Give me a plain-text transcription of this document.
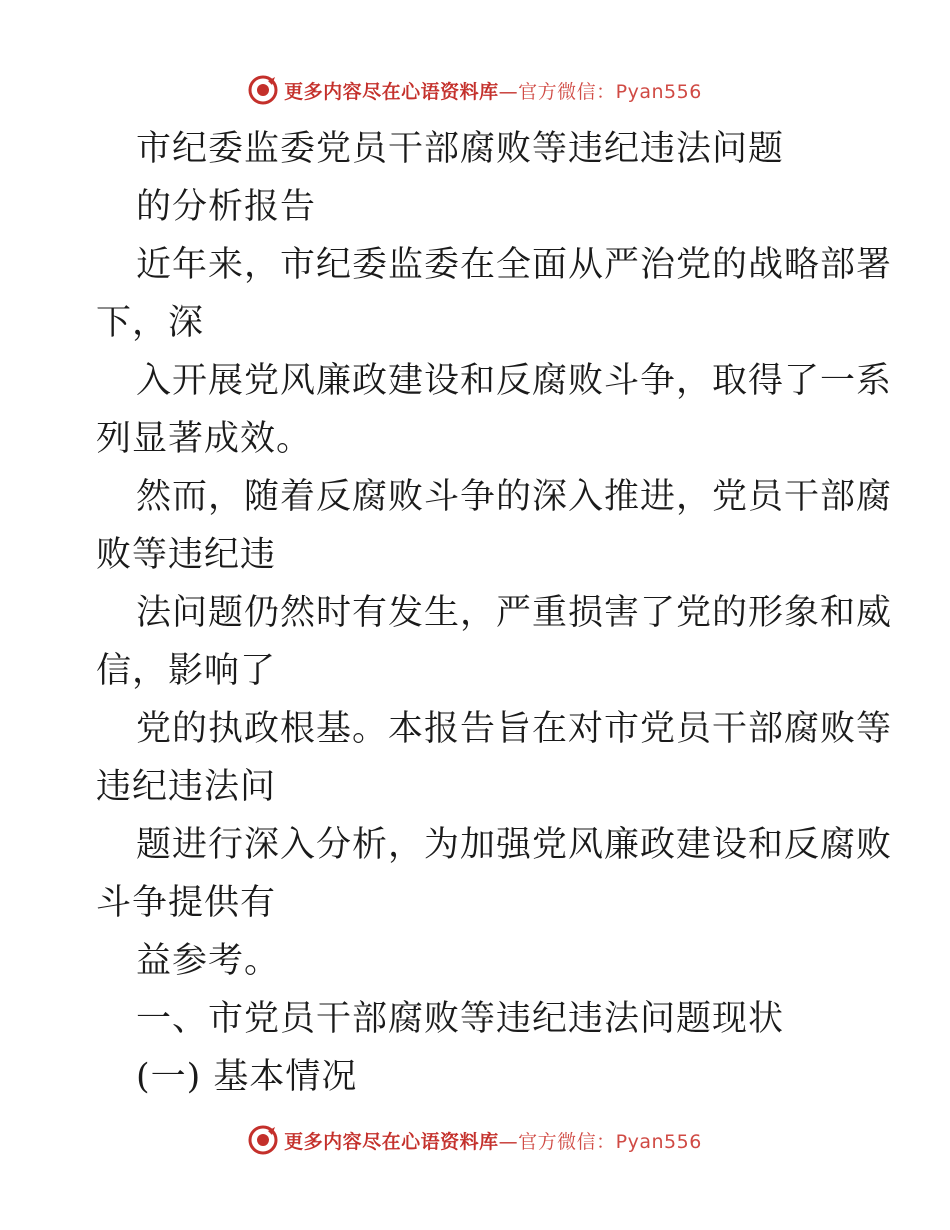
更多内容尽在心语资料库—官方微信：Pyan556
市纪委监委党员干部腐败等违纪违法问题
的分析报告
近年来，市纪委监委在全面从严治党的战略部署
下，深
入开展党风廉政建设和反腐败斗争，取得了一系
列显著成效。
然而，随着反腐败斗争的深入推进，党员干部腐
败等违纪违
法问题仍然时有发生，严重损害了党的形象和威
信，影响了
党的执政根基。本报告旨在对市党员干部腐败等
违纪违法问
题进行深入分析，为加强党风廉政建设和反腐败
斗争提供有
益参考。
一、市党员干部腐败等违纪违法问题现状
(一) 基本情况
更多内容尽在心语资料库—官方微信：Pyan556
